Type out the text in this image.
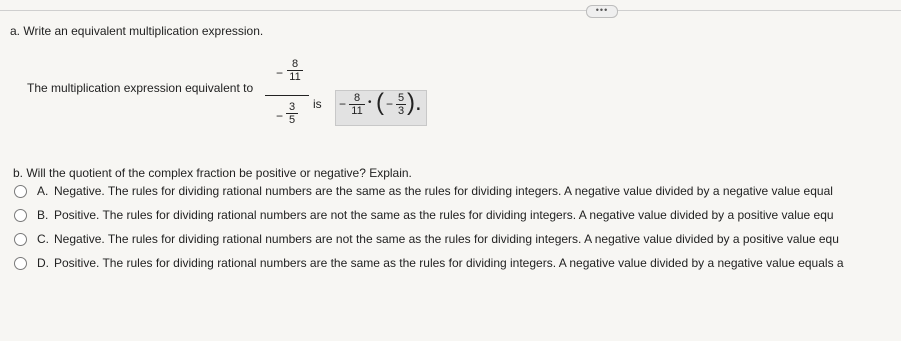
•••
a. Write an equivalent multiplication expression.
The multiplication expression equivalent to
−
8
11
−
3
5
is − 8
11
• ( − 5
3 ).
b. Will the quotient of the complex fraction be positive or negative? Explain.
A. Negative. The rules for dividing rational numbers are the same as the rules for dividing integers. A negative value divided by a negative value equal
B. Positive. The rules for dividing rational numbers are not the same as the rules for dividing integers. A negative value divided by a positive value equ
C. Negative. The rules for dividing rational numbers are not the same as the rules for dividing integers. A negative value divided by a positive value equ
D. Positive. The rules for dividing rational numbers are the same as the rules for dividing integers. A negative value divided by a negative value equals a
